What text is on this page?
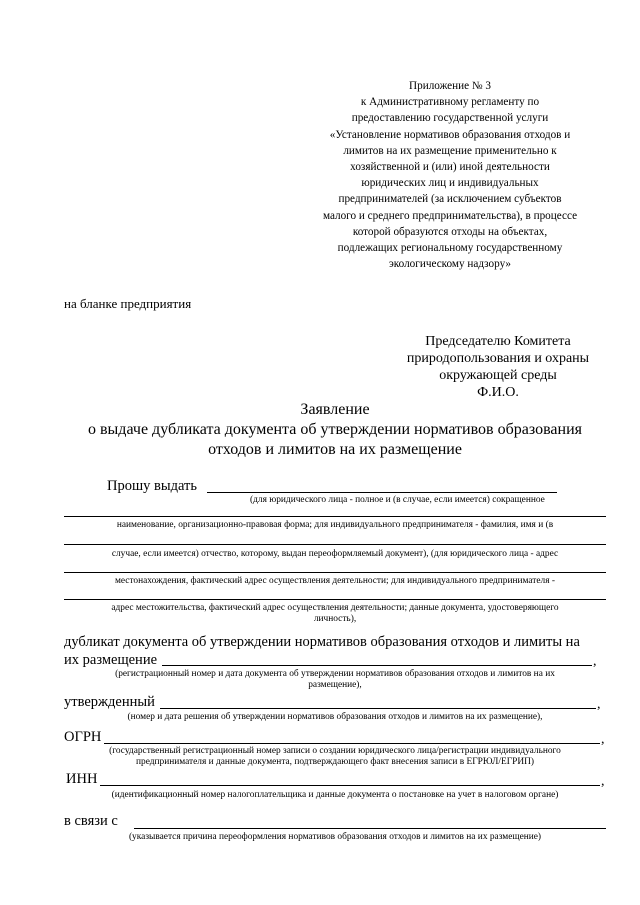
Приложение № 3
к Административному регламенту по
предоставлению государственной услуги
«Установление нормативов образования отходов и
лимитов на их размещение применительно к
хозяйственной и (или) иной деятельности
юридических лиц и индивидуальных
предпринимателей (за исключением субъектов
малого и среднего предпринимательства), в процессе
которой образуются отходы на объектах,
подлежащих региональному государственному
экологическому надзору»
на бланке предприятия
Председателю Комитета
природопользования и охраны
окружающей среды
Ф.И.О.
Заявление
о выдаче дубликата документа об утверждении нормативов образования
отходов и лимитов на их размещение
Прошу выдать
(для юридического лица - полное и (в случае, если имеется) сокращенное
наименование, организационно-правовая форма; для индивидуального предпринимателя - фамилия, имя и (в
случае, если имеется) отчество, которому, выдан переоформляемый документ), (для юридического лица - адрес
местонахождения, фактический адрес осуществления деятельности; для индивидуального предпринимателя -
адрес местожительства, фактический адрес осуществления деятельности; данные документа, удостоверяющего
личность),
дубликат документа об утверждении нормативов образования отходов и лимиты на
их размещение	,
(регистрационный номер и дата документа об утверждении нормативов образования отходов и лимитов на их
размещение),
утвержденный	,
(номер и дата решения об утверждении нормативов образования отходов и лимитов на их размещение),
ОГРН	,
(государственный регистрационный номер записи о создании юридического лица/регистрации индивидуального
предпринимателя и данные документа, подтверждающего факт внесения записи в ЕГРЮЛ/ЕГРИП)
ИНН	,
(идентификационный номер налогоплательщика и данные документа о постановке на учет в налоговом органе)
в связи с
(указывается причина переоформления нормативов образования отходов и лимитов на их размещение)
